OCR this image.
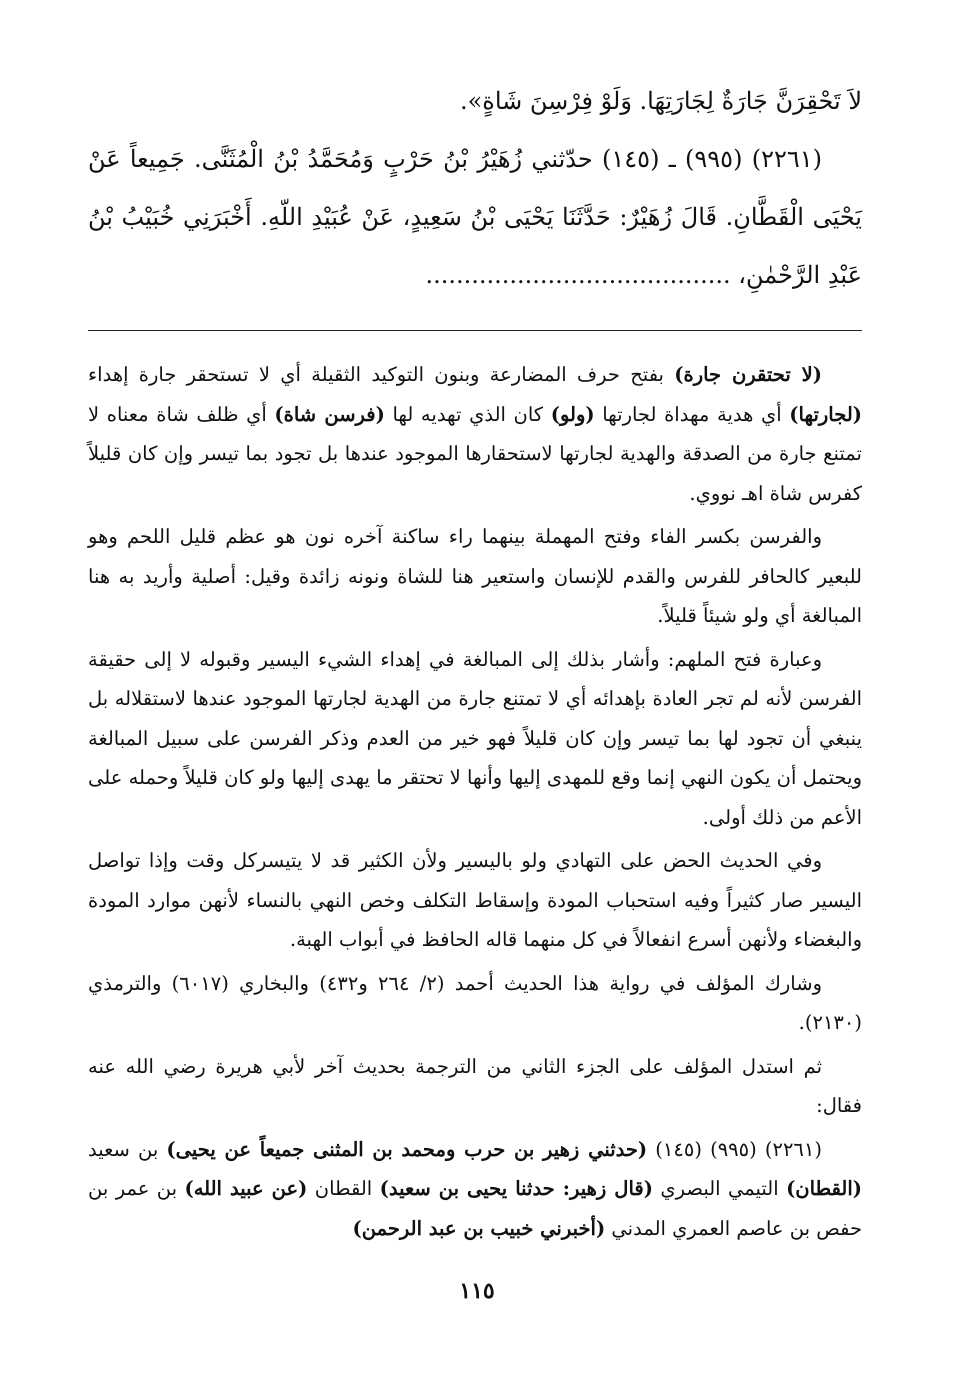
لاَ تَحْقِرَنَّ جَارَةٌ لِجَارَتِهَا. وَلَوْ فِرْسِنَ شَاةٍ».

(٢٢٦١) (٩٩٥) ـ (١٤٥) حدّثني زُهَيْرُ بْنُ حَرْبٍ وَمُحَمَّدُ بْنُ الْمُثَنَّى. جَمِيعاً عَنْ يَحْيَى الْقَطَّانِ. قَالَ زُهَيْرٌ: حَدَّثَنَا يَحْيَى بْنُ سَعِيدٍ، عَنْ عُبَيْدِ اللّهِ. أَخْبَرَنِي خُبَيْبُ بْنُ عَبْدِ الرَّحْمٰنِ، ........................................

(لا تحتقرن جارة) بفتح حرف المضارعة وبنون التوكيد الثقيلة أي لا تستحقر جارة إهداء (لجارتها) أي هدية مهداة لجارتها (ولو) كان الذي تهديه لها (فرسن شاة) أي ظلف شاة معناه لا تمتنع جارة من الصدقة والهدية لجارتها لاستحقارها الموجود عندها بل تجود بما تيسر وإن كان قليلاً كفرس شاة اهـ نووي.

والفرسن بكسر الفاء وفتح المهملة بينهما راء ساكنة آخره نون هو عظم قليل اللحم وهو للبعير كالحافر للفرس والقدم للإنسان واستعير هنا للشاة ونونه زائدة وقيل: أصلية وأريد به هنا المبالغة أي ولو شيئاً قليلاً.

وعبارة فتح الملهم: وأشار بذلك إلى المبالغة في إهداء الشيء اليسير وقبوله لا إلى حقيقة الفرسن لأنه لم تجر العادة بإهدائه أي لا تمتنع جارة من الهدية لجارتها الموجود عندها لاستقلاله بل ينبغي أن تجود لها بما تيسر وإن كان قليلاً فهو خير من العدم وذكر الفرسن على سبيل المبالغة ويحتمل أن يكون النهي إنما وقع للمهدى إليها وأنها لا تحتقر ما يهدى إليها ولو كان قليلاً وحمله على الأعم من ذلك أولى.

وفي الحديث الحض على التهادي ولو باليسير ولأن الكثير قد لا يتيسركل وقت وإذا تواصل اليسير صار كثيراً وفيه استحباب المودة وإسقاط التكلف وخص النهي بالنساء لأنهن موارد المودة والبغضاء ولأنهن أسرع انفعالاً في كل منهما قاله الحافظ في أبواب الهبة.

وشارك المؤلف في رواية هذا الحديث أحمد (٢/ ٢٦٤ و٤٣٢) والبخاري (٦٠١٧) والترمذي (٢١٣٠).

ثم استدل المؤلف على الجزء الثاني من الترجمة بحديث آخر لأبي هريرة رضي الله عنه فقال:

(٢٢٦١) (٩٩٥) (١٤٥) (حدثني زهير بن حرب ومحمد بن المثنى جميعاً عن يحيى) بن سعيد (القطان) التيمي البصري (قال زهير: حدثنا يحيى بن سعيد) القطان (عن عبيد الله) بن عمر بن حفص بن عاصم العمري المدني (أخبرني خبيب بن عبد الرحمن)

١١٥
